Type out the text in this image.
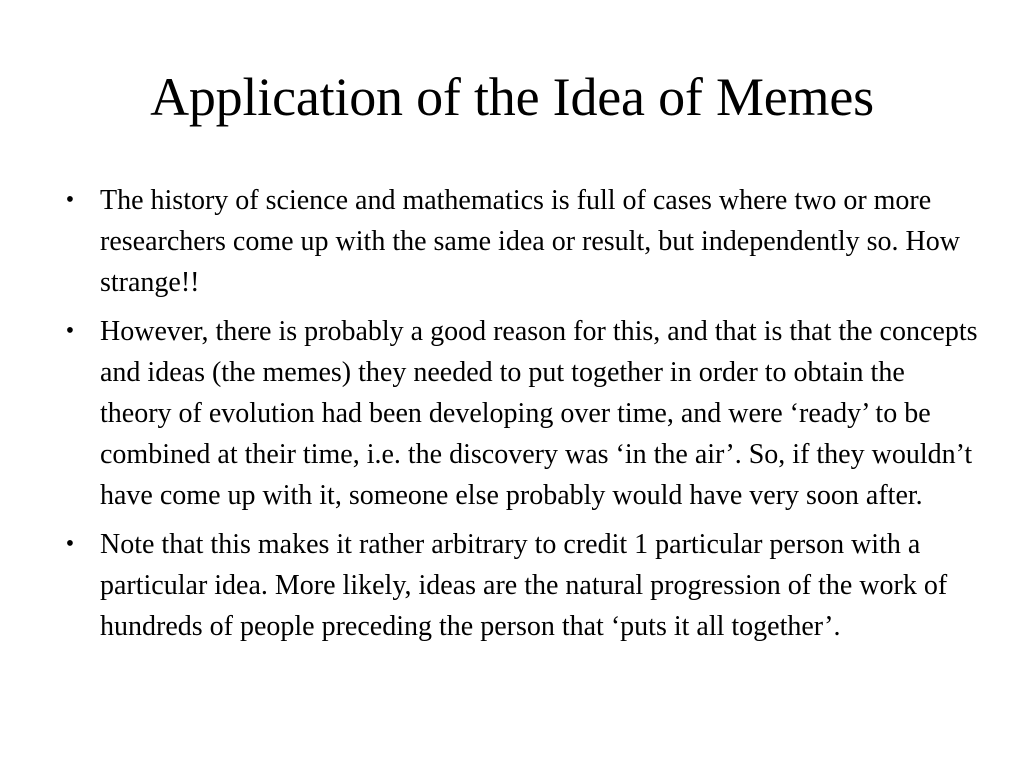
Application of the Idea of Memes
• The history of science and mathematics is full of cases where two or more researchers come up with the same idea or result, but independently so. How strange!!
• However, there is probably a good reason for this, and that is that the concepts and ideas (the memes) they needed to put together in order to obtain the theory of evolution had been developing over time, and were ‘ready’ to be combined at their time, i.e. the discovery was ‘in the air’. So, if they wouldn’t have come up with it, someone else probably would have very soon after.
• Note that this makes it rather arbitrary to credit 1 particular person with a particular idea. More likely, ideas are the natural progression of the work of hundreds of people preceding the person that ‘puts it all together’.
